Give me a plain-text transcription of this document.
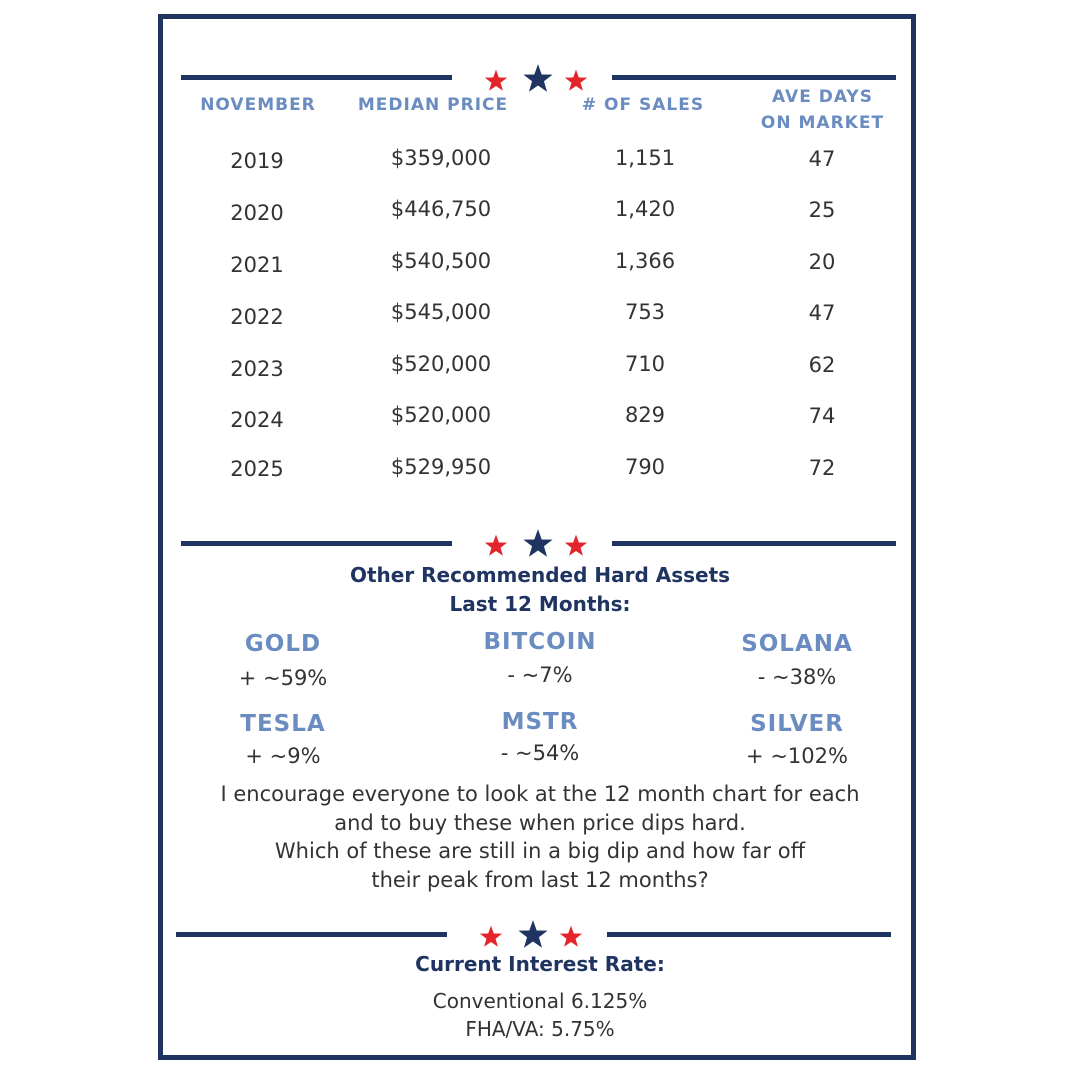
NOVEMBER	MEDIAN PRICE	# OF SALES	AVE DAYS
ON MARKET
2019	$359,000	1,151	47
2020	$446,750	1,420	25
2021	$540,500	1,366	20
2022	$545,000	753	47
2023	$520,000	710	62
2024	$520,000	829	74
2025	$529,950	790	72
Other Recommended Hard Assets
Last 12 Months:
GOLD
+ ~59%
BITCOIN
- ~7%
SOLANA
- ~38%
TESLA
+ ~9%
MSTR
- ~54%
SILVER
+ ~102%
I encourage everyone to look at the 12 month chart for each
and to buy these when price dips hard.
Which of these are still in a big dip and how far off
their peak from last 12 months?
Current Interest Rate:
Conventional 6.125%
FHA/VA: 5.75%
